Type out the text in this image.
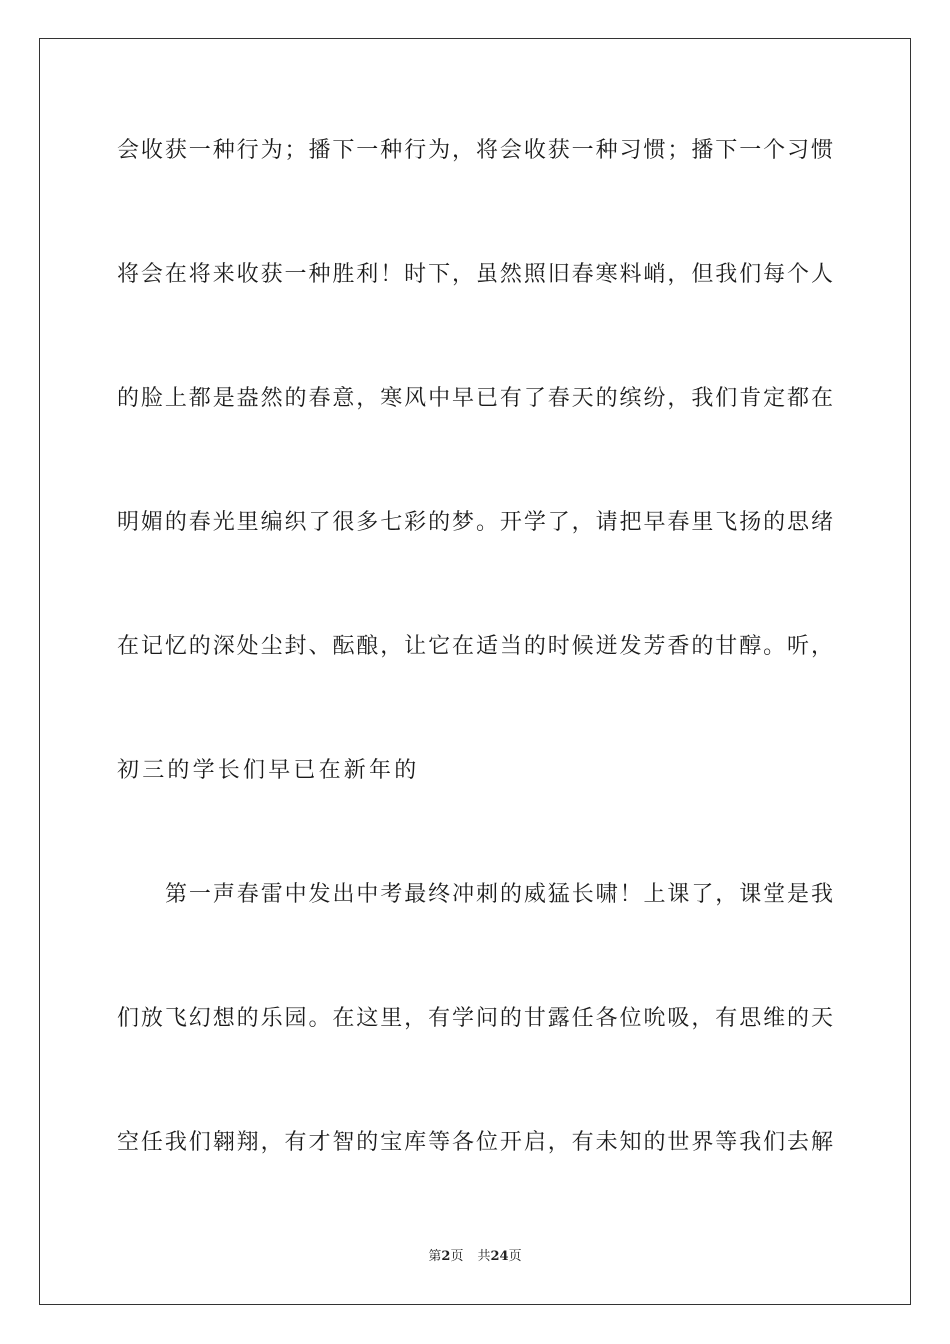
会收获一种行为；播下一种行为，将会收获一种习惯；播下一个习惯
将会在将来收获一种胜利！时下，虽然照旧春寒料峭，但我们每个人
的脸上都是盎然的春意，寒风中早已有了春天的缤纷，我们肯定都在
明媚的春光里编织了很多七彩的梦。开学了，请把早春里飞扬的思绪
在记忆的深处尘封、酝酿，让它在适当的时候迸发芳香的甘醇。听，
初三的学长们早已在新年的
第一声春雷中发出中考最终冲刺的威猛长啸！上课了，课堂是我
们放飞幻想的乐园。在这里，有学问的甘露任各位吮吸，有思维的天
空任我们翱翔，有才智的宝库等各位开启，有未知的世界等我们去解
第2页 共24页
